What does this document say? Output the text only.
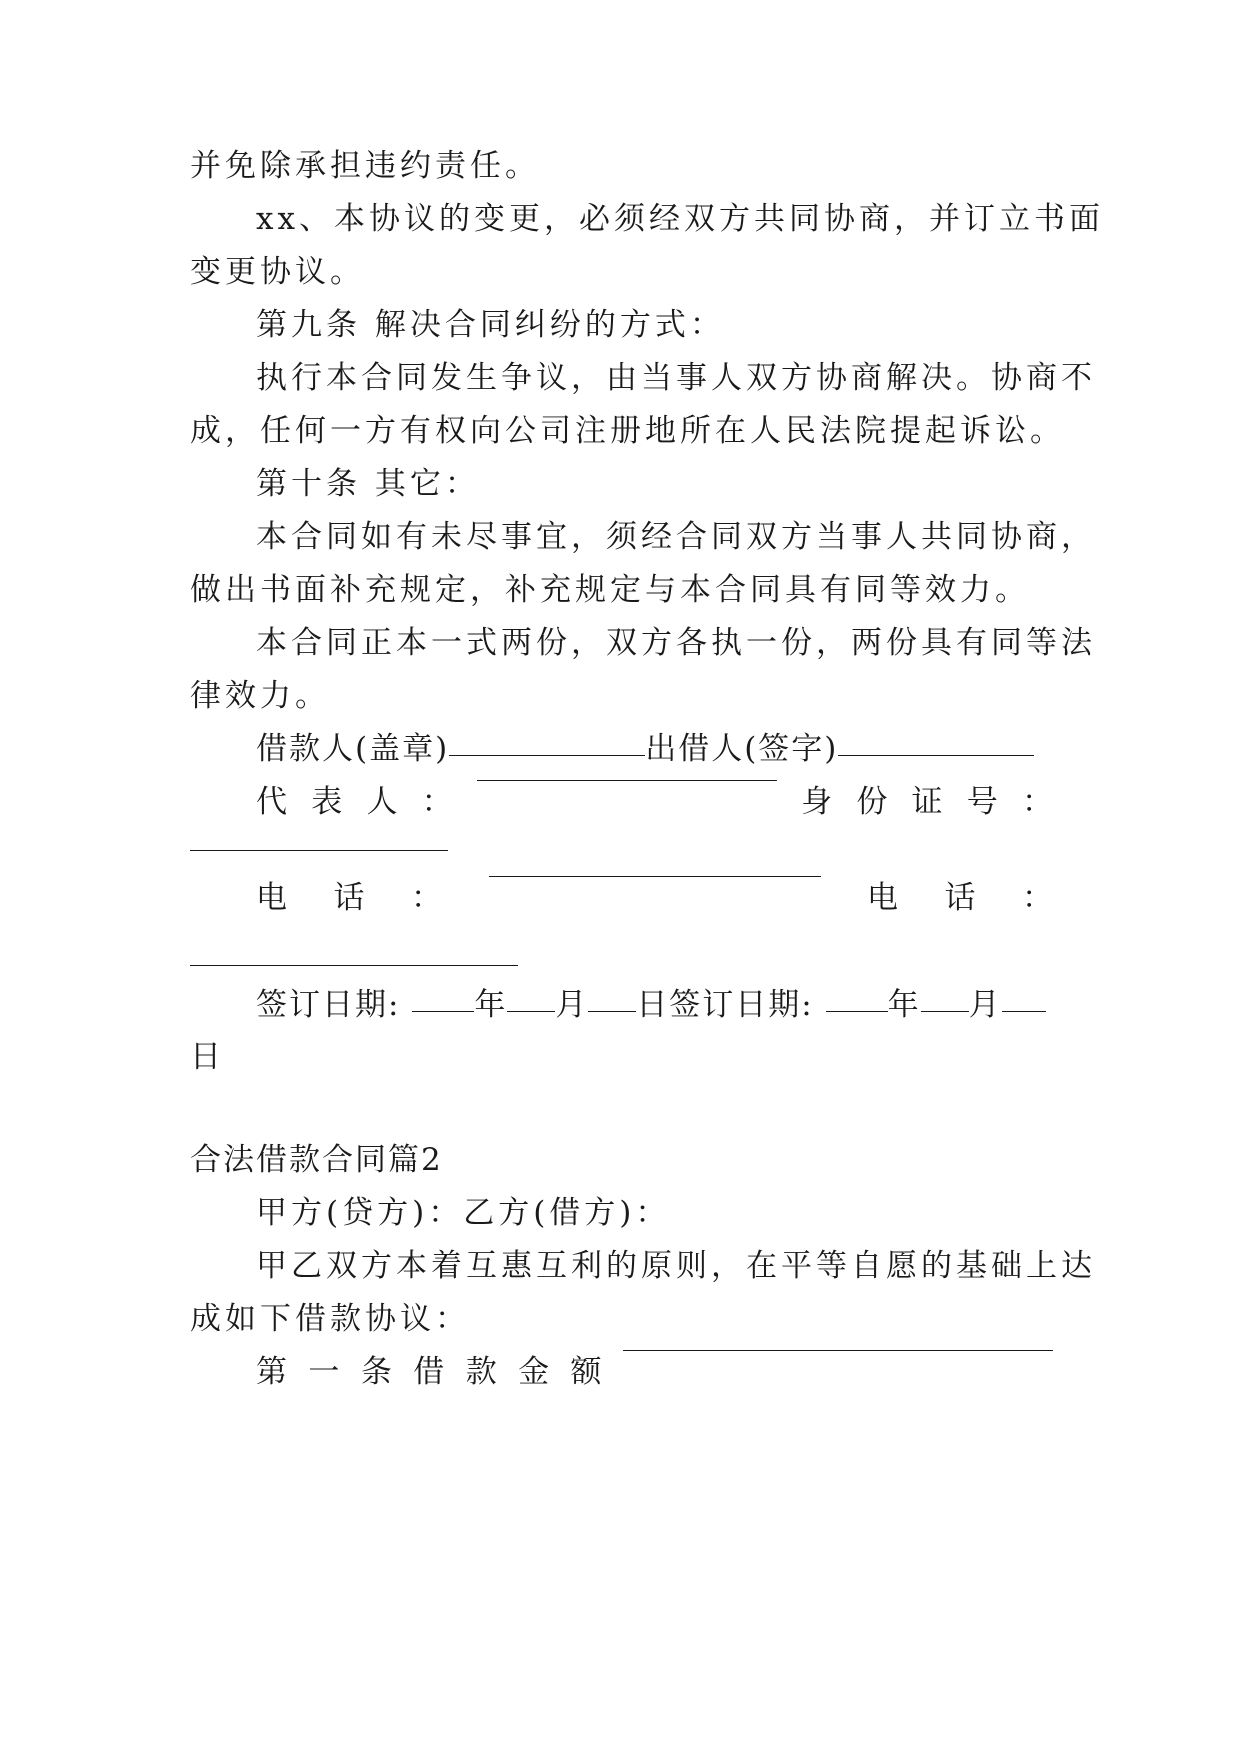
并免除承担违约责任。
xx、本协议的变更，必须经双方共同协商，并订立书面
变更协议。
第九条 解决合同纠纷的方式：
执行本合同发生争议，由当事人双方协商解决。协商不
成，任何一方有权向公司注册地所在人民法院提起诉讼。
第十条 其它：
本合同如有未尽事宜，须经合同双方当事人共同协商，
做出书面补充规定，补充规定与本合同具有同等效力。
本合同正本一式两份，双方各执一份，两份具有同等法
律效力。
借款人(盖章)	出借人(签字)
代 表 人 ：	身 份 证 号 ：
电 话 ：	电 话 ：
签订日期: 年 月 日签订日期: 年 月
日
合法借款合同篇2
甲方(贷方)：乙方(借方)：
甲乙双方本着互惠互利的原则，在平等自愿的基础上达
成如下借款协议：
第 一 条 借 款 金 额
